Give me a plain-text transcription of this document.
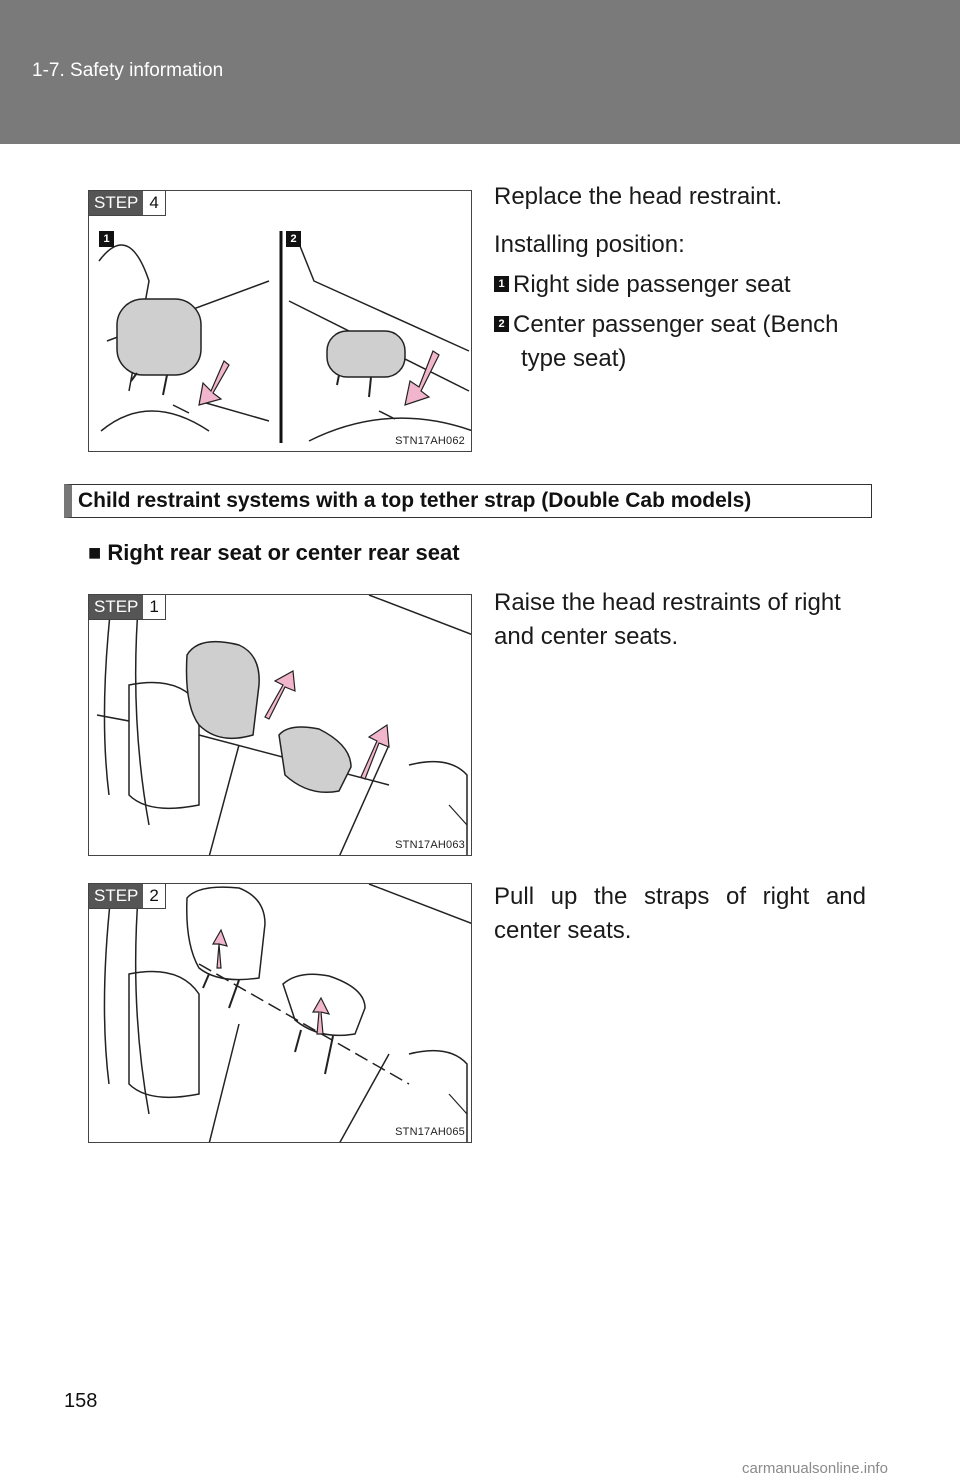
1-7. Safety information
STEP 4
1	2
STN17AH062
Replace the head restraint.
Installing position:
1 Right side passenger seat
2 Center passenger seat (Bench
type seat)
Child restraint systems with a top tether strap (Double Cab models)
■ Right rear seat or center rear seat
STEP 1
STN17AH063
Raise the head restraints of right
and center seats.
STEP 2
STN17AH065
Pull up the straps of right and
center seats.
158
carmanualsonline.info
